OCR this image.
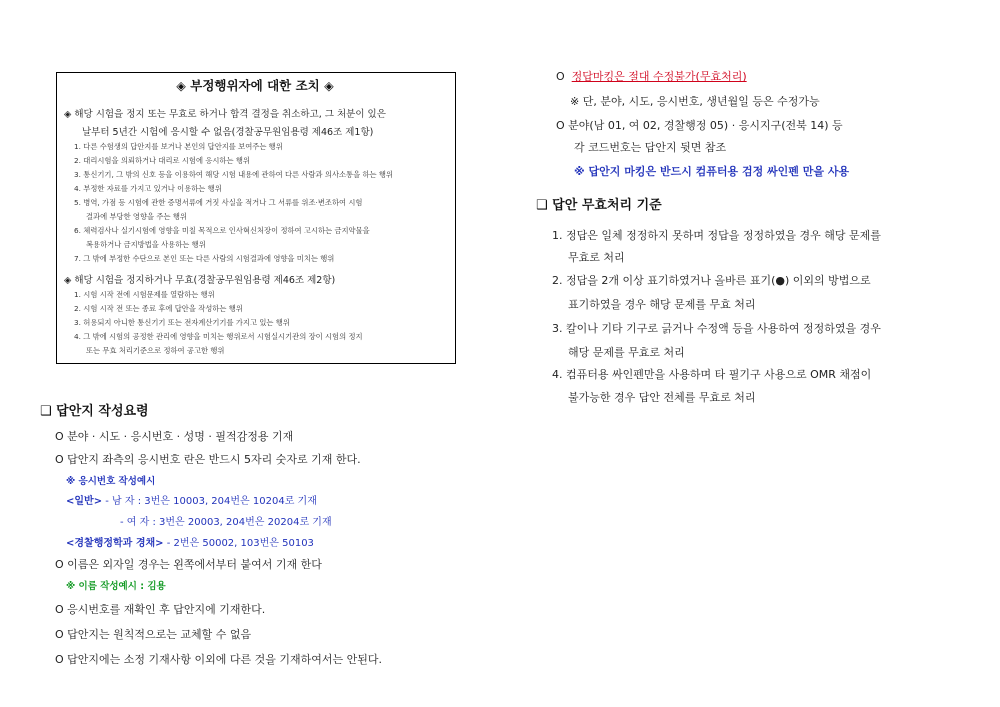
◈ 부정행위자에 대한 조치 ◈
◈ 해당 시험을 정지 또는 무효로 하거나 합격 결정을 취소하고, 그 처분이 있은
날부터 5년간 시험에 응시할 수 없음(경찰공무원임용령 제46조 제1항)
1. 다른 수험생의 답안지를 보거나 본인의 답안지를 보여주는 행위
2. 대리시험을 의뢰하거나 대리로 시험에 응시하는 행위
3. 통신기기, 그 밖의 신호 등을 이용하여 해당 시험 내용에 관하여 다른 사람과 의사소통을 하는 행위
4. 부정한 자료를 가지고 있거나 이용하는 행위
5. 병역, 가점 등 시험에 관한 증명서류에 거짓 사실을 적거나 그 서류를 위조·변조하여 시험
결과에 부당한 영향을 주는 행위
6. 체력검사나 실기시험에 영향을 미칠 목적으로 인사혁신처장이 정하여 고시하는 금지약물을
복용하거나 금지방법을 사용하는 행위
7. 그 밖에 부정한 수단으로 본인 또는 다른 사람의 시험결과에 영향을 미치는 행위
◈ 해당 시험을 정지하거나 무효(경찰공무원임용령 제46조 제2항)
1. 시험 시작 전에 시험문제를 열람하는 행위
2. 시험 시작 전 또는 종료 후에 답안을 작성하는 행위
3. 허용되지 아니한 통신기기 또는 전자계산기기를 가지고 있는 행위
4. 그 밖에 시험의 공정한 관리에 영향을 미치는 행위로서 시험실시기관의 장이 시험의 정지
또는 무효 처리기준으로 정하여 공고한 행위
❑ 답안지 작성요령
O 분야 · 시도 · 응시번호 · 성명 · 필적감정용 기재
O 답안지 좌측의 응시번호 란은 반드시 5자리 숫자로 기재 한다.
※ 응시번호 작성예시
<일반> - 남 자 : 3번은 10003, 204번은 10204로 기재
- 여 자 : 3번은 20003, 204번은 20204로 기재
<경찰행정학과 경채> - 2번은 50002, 103번은 50103
O 이름은 외자일 경우는 왼쪽에서부터 붙여서 기재 한다
※ 이름 작성예시 : 김용
O 응시번호를 재확인 후 답안지에 기재한다.
O 답안지는 원칙적으로는 교체할 수 없음
O 답안지에는 소정 기재사항 이외에 다른 것을 기재하여서는 안된다.
O 정답마킹은 절대 수정불가(무효처리)
※ 단, 분야, 시도, 응시번호, 생년월일 등은 수정가능
O 분야(남 01, 여 02, 경찰행정 05) · 응시지구(전북 14) 등
각 코드번호는 답안지 뒷면 참조
※ 답안지 마킹은 반드시 컴퓨터용 검정 싸인펜 만을 사용
❑ 답안 무효처리 기준
1. 정답은 일체 정정하지 못하며 정답을 정정하였을 경우 해당 문제를
무효로 처리
2. 정답을 2개 이상 표기하였거나 올바른 표기(●) 이외의 방법으로
표기하였을 경우 해당 문제를 무효 처리
3. 칼이나 기타 기구로 긁거나 수정액 등을 사용하여 정정하였을 경우
해당 문제를 무효로 처리
4. 컴퓨터용 싸인펜만을 사용하며 타 필기구 사용으로 OMR 채점이
불가능한 경우 답안 전체를 무효로 처리
